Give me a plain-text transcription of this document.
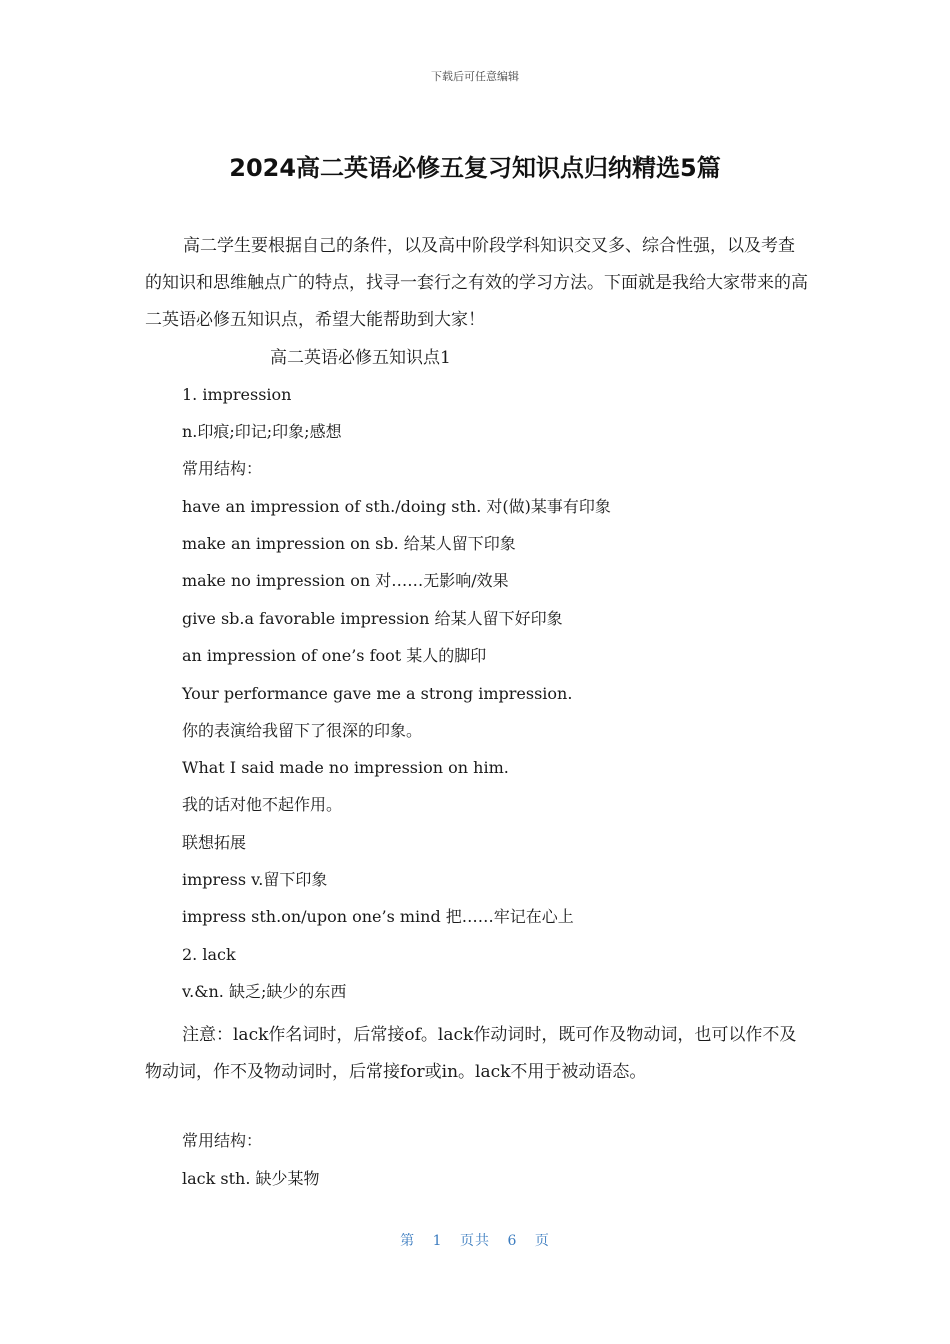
下载后可任意编辑
2024高二英语必修五复习知识点归纳精选5篇

高二学生要根据自己的条件，以及高中阶段学科知识交叉多、综合性强，以及考查的知识和思维触点广的特点，找寻一套行之有效的学习方法。下面就是我给大家带来的高二英语必修五知识点，希望大能帮助到大家！

高二英语必修五知识点1

1. impression

n.印痕;印记;印象;感想

常用结构：

have an impression of sth./doing sth. 对(做)某事有印象

make an impression on sb. 给某人留下印象

make no impression on 对……无影响/效果

give sb.a favorable impression 给某人留下好印象

an impression of one’s foot 某人的脚印

Your performance gave me a strong impression.

你的表演给我留下了很深的印象。

What I said made no impression on him.

我的话对他不起作用。

联想拓展

impress v.留下印象

impress sth.on/upon one’s mind 把……牢记在心上

2. lack

v.&n. 缺乏;缺少的东西

注意：lack作名词时，后常接of。lack作动词时，既可作及物动词，也可以作不及物动词，作不及物动词时，后常接for或in。lack不用于被动语态。

常用结构：

lack sth. 缺少某物

第 1 页共 6 页
